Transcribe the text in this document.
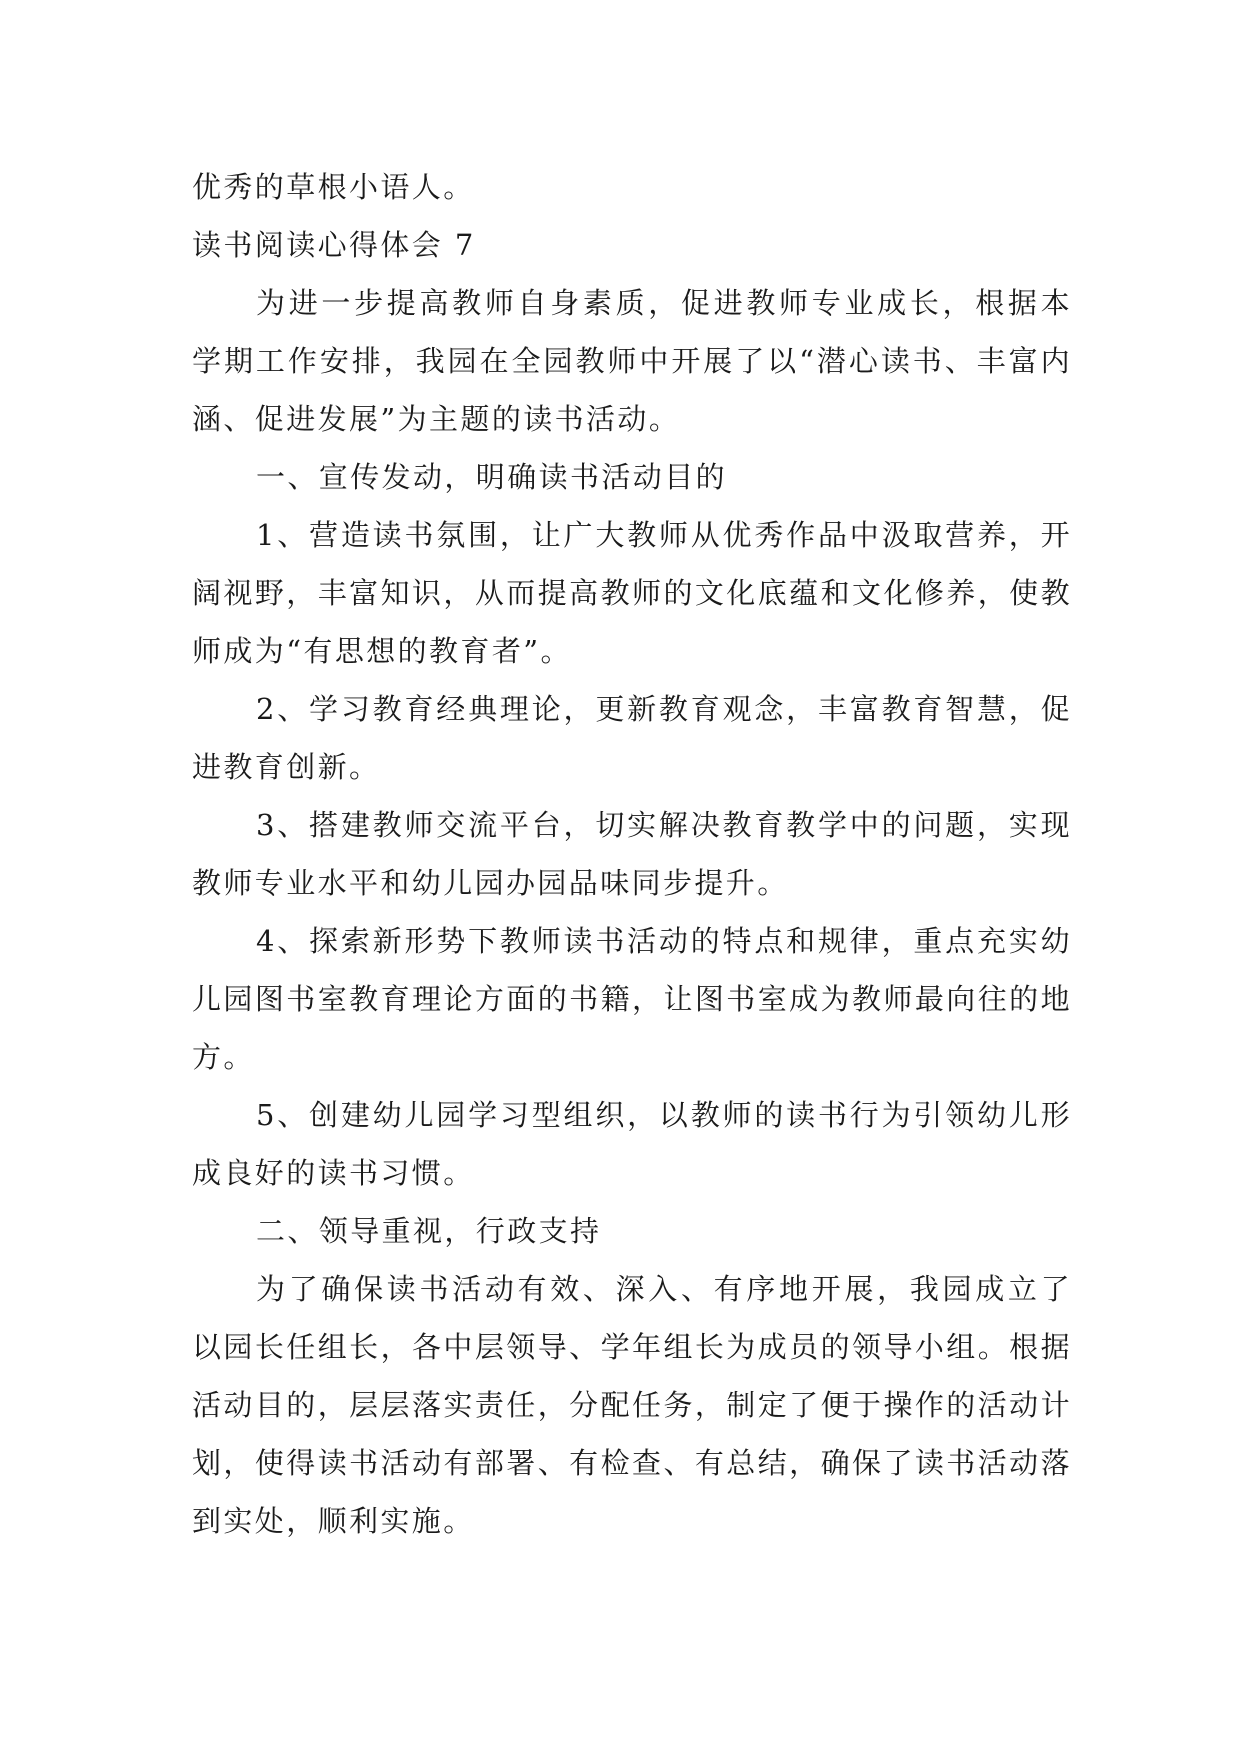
优秀的草根小语人。

读书阅读心得体会 7

为进一步提高教师自身素质，促进教师专业成长，根据本学期工作安排，我园在全园教师中开展了以“潜心读书、丰富内涵、促进发展”为主题的读书活动。

一、宣传发动，明确读书活动目的

1、营造读书氛围，让广大教师从优秀作品中汲取营养，开阔视野，丰富知识，从而提高教师的文化底蕴和文化修养，使教师成为“有思想的教育者”。

2、学习教育经典理论，更新教育观念，丰富教育智慧，促进教育创新。

3、搭建教师交流平台，切实解决教育教学中的问题，实现教师专业水平和幼儿园办园品味同步提升。

4、探索新形势下教师读书活动的特点和规律，重点充实幼儿园图书室教育理论方面的书籍，让图书室成为教师最向往的地方。

5、创建幼儿园学习型组织，以教师的读书行为引领幼儿形成良好的读书习惯。

二、领导重视，行政支持

为了确保读书活动有效、深入、有序地开展，我园成立了以园长任组长，各中层领导、学年组长为成员的领导小组。根据活动目的，层层落实责任，分配任务，制定了便于操作的活动计划，使得读书活动有部署、有检查、有总结，确保了读书活动落到实处，顺利实施。
